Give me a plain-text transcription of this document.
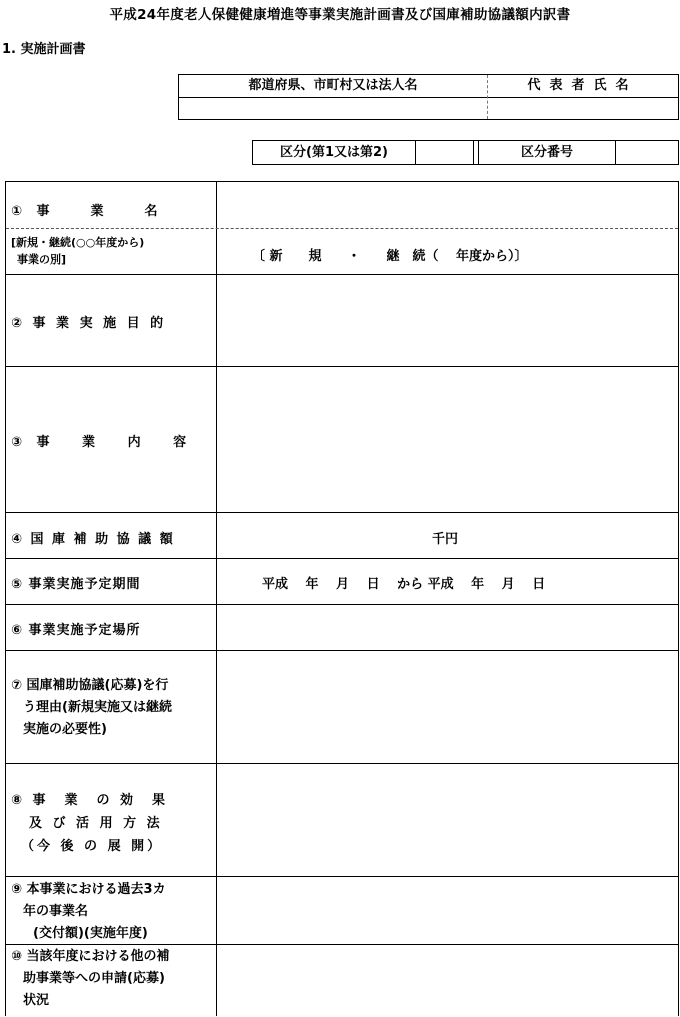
平成24年度老人保健健康増進等事業実施計画書及び国庫補助協議額内訳書
1. 実施計画書
都道府県、市町村又は法人名	代表者氏名
区分(第1又は第2)	区分番号
① 事　　業　　名
[新規・継続(○○年度から)
事業の別]	〔 新　　規　　・　　継　続（　 年度から）〕
② 事 業 実 施 目 的
③ 事　 業　 内　 容
④ 国 庫 補 助 協 議 額	千円
⑤ 事業実施予定期間	平成　 年　 月　 日　 から 平成　 年　 月　 日
⑥ 事業実施予定場所
⑦ 国庫補助協議(応募)を行
う理由(新規実施又は継続
実施の必要性)
⑧ 事　業　の 効　果
及 び 活 用 方 法
（今 後 の 展 開）
⑨ 本事業における過去3カ
年の事業名
(交付額)(実施年度)
⑩ 当該年度における他の補
助事業等への申請(応募)
状況
